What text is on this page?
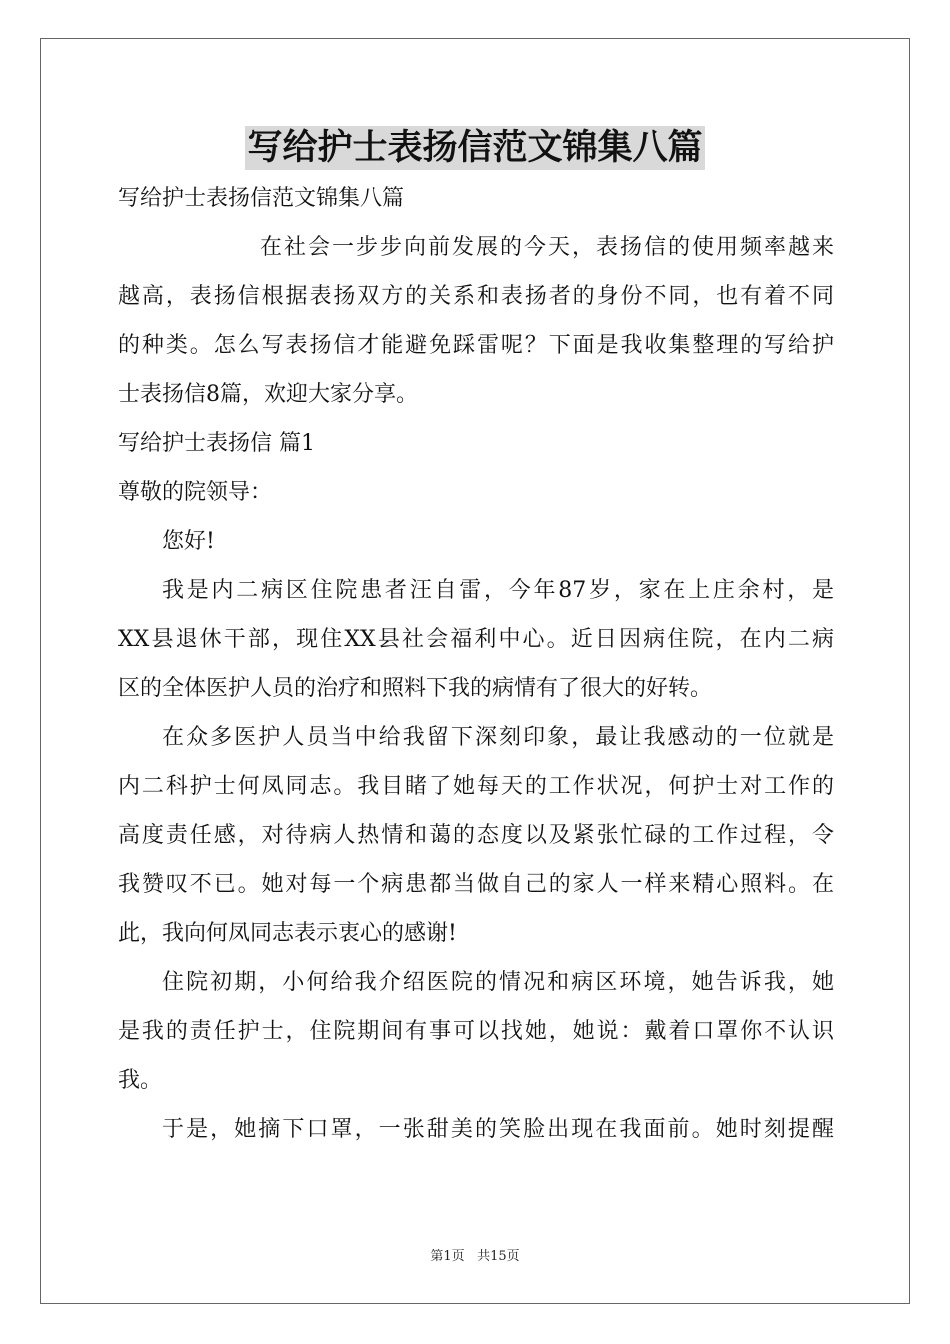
写给护士表扬信范文锦集八篇
写给护士表扬信范文锦集八篇
在社会一步步向前发展的今天，表扬信的使用频率越来
越高，表扬信根据表扬双方的关系和表扬者的身份不同，也有着不同
的种类。怎么写表扬信才能避免踩雷呢？下面是我收集整理的写给护
士表扬信8篇，欢迎大家分享。
写给护士表扬信 篇1
尊敬的院领导：
您好!
我是内二病区住院患者汪自雷，今年87岁，家在上庄余村，是
XX县退休干部，现住XX县社会福利中心。近日因病住院，在内二病
区的全体医护人员的治疗和照料下我的病情有了很大的好转。
在众多医护人员当中给我留下深刻印象，最让我感动的一位就是
内二科护士何凤同志。我目睹了她每天的工作状况，何护士对工作的
高度责任感，对待病人热情和蔼的态度以及紧张忙碌的工作过程，令
我赞叹不已。她对每一个病患都当做自己的家人一样来精心照料。在
此，我向何凤同志表示衷心的感谢!
住院初期，小何给我介绍医院的情况和病区环境，她告诉我，她
是我的责任护士，住院期间有事可以找她，她说：戴着口罩你不认识
我。
于是，她摘下口罩，一张甜美的笑脸出现在我面前。她时刻提醒
第1页 共15页
